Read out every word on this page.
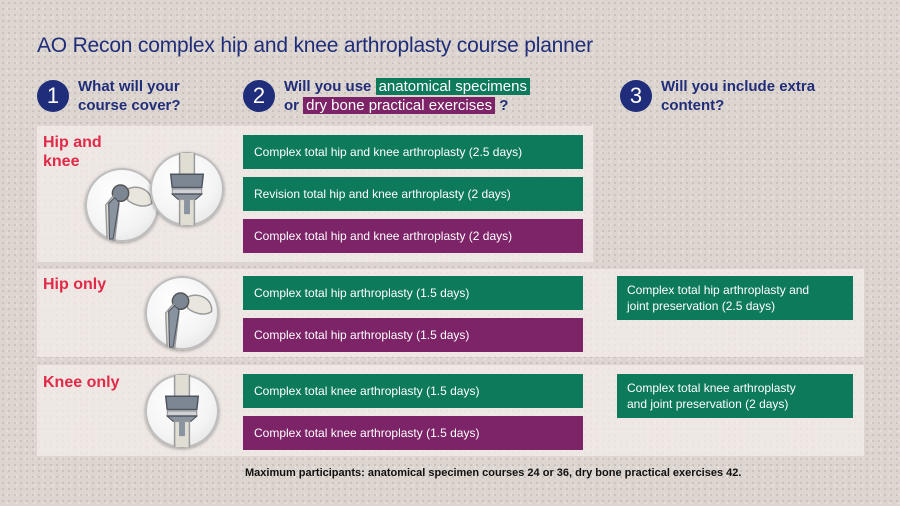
AO Recon complex hip and knee arthroplasty course planner
1	What will your
course cover?	2	Will you use anatomical specimens
or dry bone practical exercises ?	3	Will you include extra
content?
Hip and
knee
Complex total hip and knee arthroplasty (2.5 days)
Revision total hip and knee arthroplasty (2 days)
Complex total hip and knee arthroplasty (2 days)
Hip only	Complex total hip arthroplasty (1.5 days)
Complex total hip arthroplasty (1.5 days)
Complex total hip arthroplasty and
joint preservation (2.5 days)
Knee only	Complex total knee arthroplasty (1.5 days)
Complex total knee arthroplasty (1.5 days)
Complex total knee arthroplasty
and joint preservation (2 days)
Maximum participants: anatomical specimen courses 24 or 36, dry bone practical exercises 42.
